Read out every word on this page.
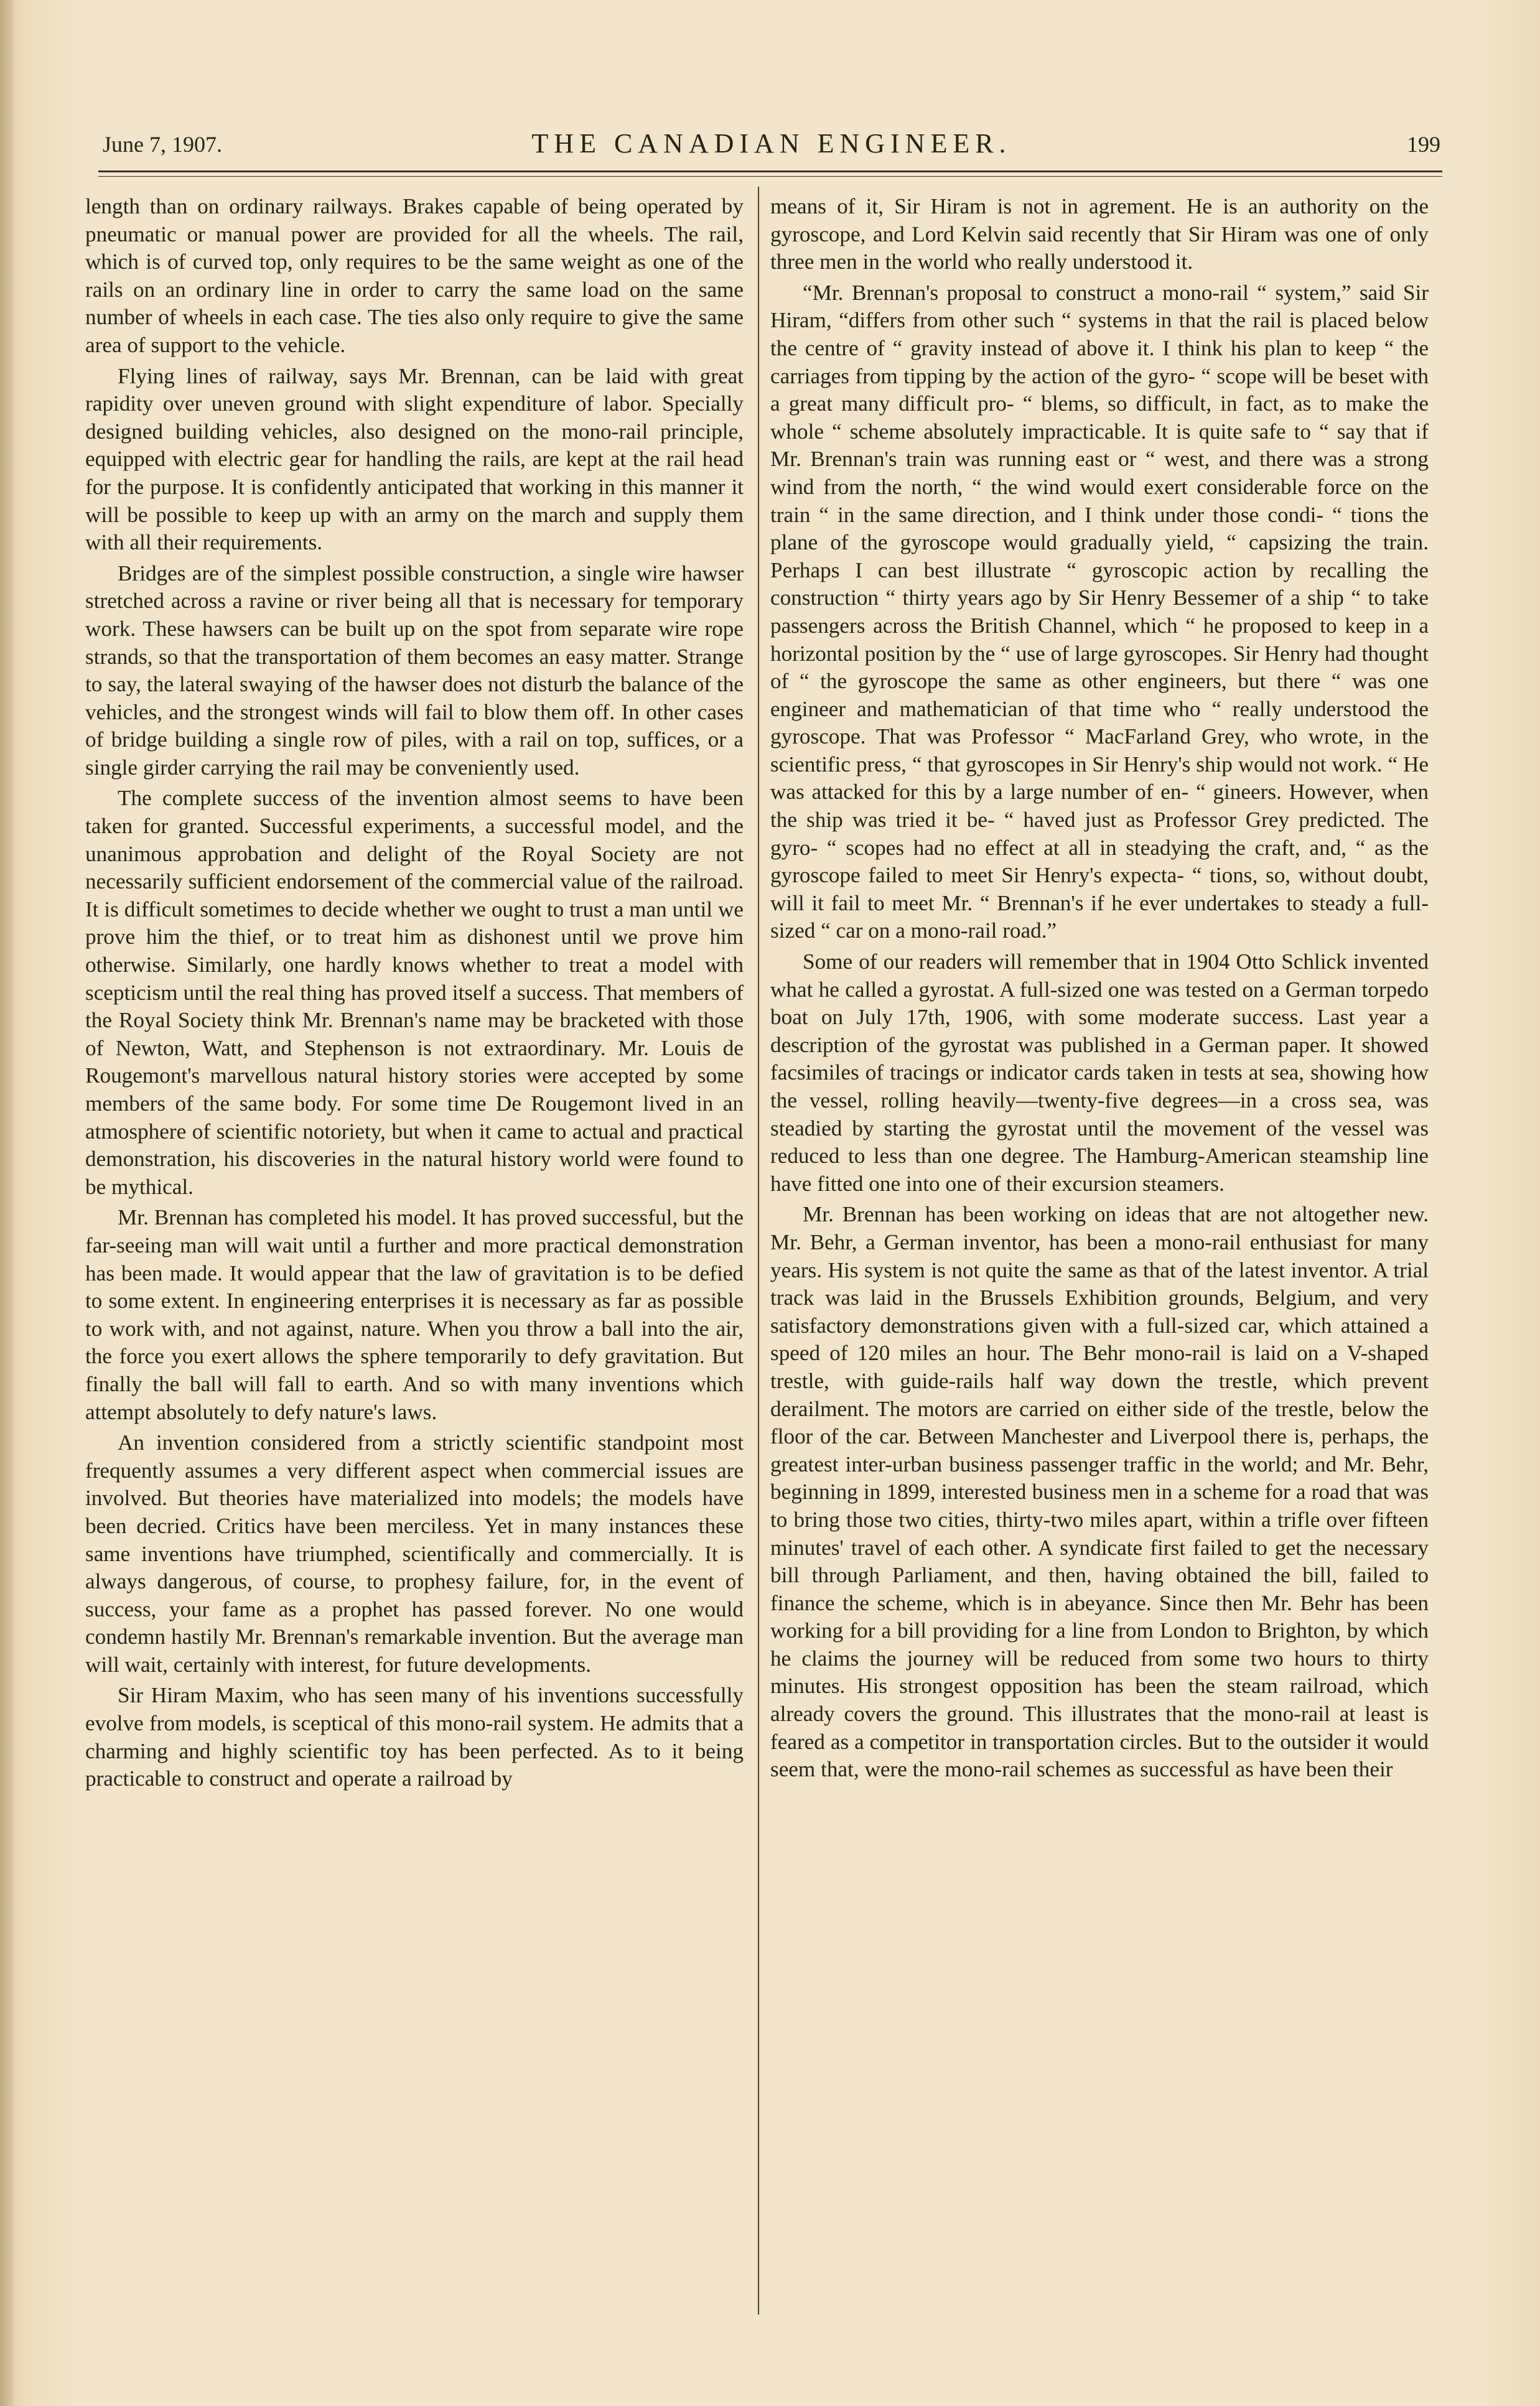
June 7, 1907.	THE CANADIAN ENGINEER.	199

length than on ordinary railways. Brakes capable of being operated by pneumatic or manual power are provided for all the wheels. The rail, which is of curved top, only requires to be the same weight as one of the rails on an ordinary line in order to carry the same load on the same number of wheels in each case. The ties also only require to give the same area of support to the vehicle.

Flying lines of railway, says Mr. Brennan, can be laid with great rapidity over uneven ground with slight expenditure of labor. Specially designed building vehicles, also designed on the mono-rail principle, equipped with electric gear for handling the rails, are kept at the rail head for the purpose. It is confidently anticipated that working in this manner it will be possible to keep up with an army on the march and supply them with all their requirements.

Bridges are of the simplest possible construction, a single wire hawser stretched across a ravine or river being all that is necessary for temporary work. These hawsers can be built up on the spot from separate wire rope strands, so that the transportation of them becomes an easy matter. Strange to say, the lateral swaying of the hawser does not disturb the balance of the vehicles, and the strongest winds will fail to blow them off. In other cases of bridge building a single row of piles, with a rail on top, suffices, or a single girder carrying the rail may be conveniently used.

The complete success of the invention almost seems to have been taken for granted. Successful experiments, a successful model, and the unanimous approbation and delight of the Royal Society are not necessarily sufficient endorsement of the commercial value of the railroad. It is difficult sometimes to decide whether we ought to trust a man until we prove him the thief, or to treat him as dishonest until we prove him otherwise. Similarly, one hardly knows whether to treat a model with scepticism until the real thing has proved itself a success. That members of the Royal Society think Mr. Brennan's name may be bracketed with those of Newton, Watt, and Stephenson is not extraordinary. Mr. Louis de Rougemont's marvellous natural history stories were accepted by some members of the same body. For some time De Rougemont lived in an atmosphere of scientific notoriety, but when it came to actual and practical demonstration, his discoveries in the natural history world were found to be mythical.

Mr. Brennan has completed his model. It has proved successful, but the far-seeing man will wait until a further and more practical demonstration has been made. It would appear that the law of gravitation is to be defied to some extent. In engineering enterprises it is necessary as far as possible to work with, and not against, nature. When you throw a ball into the air, the force you exert allows the sphere temporarily to defy gravitation. But finally the ball will fall to earth. And so with many inventions which attempt absolutely to defy nature's laws.

An invention considered from a strictly scientific standpoint most frequently assumes a very different aspect when commercial issues are involved. But theories have materialized into models; the models have been decried. Critics have been merciless. Yet in many instances these same inventions have triumphed, scientifically and commercially. It is always dangerous, of course, to prophesy failure, for, in the event of success, your fame as a prophet has passed forever. No one would condemn hastily Mr. Brennan's remarkable invention. But the average man will wait, certainly with interest, for future developments.

Sir Hiram Maxim, who has seen many of his inventions successfully evolve from models, is sceptical of this mono-rail system. He admits that a charming and highly scientific toy has been perfected. As to it being practicable to construct and operate a railroad by

means of it, Sir Hiram is not in agrement. He is an authority on the gyroscope, and Lord Kelvin said recently that Sir Hiram was one of only three men in the world who really understood it.

“Mr. Brennan's proposal to construct a mono-rail “ system,” said Sir Hiram, “differs from other such “ systems in that the rail is placed below the centre of “ gravity instead of above it. I think his plan to keep “ the carriages from tipping by the action of the gyro- “ scope will be beset with a great many difficult pro- “ blems, so difficult, in fact, as to make the whole “ scheme absolutely impracticable. It is quite safe to “ say that if Mr. Brennan's train was running east or “ west, and there was a strong wind from the north, “ the wind would exert considerable force on the train “ in the same direction, and I think under those condi- “ tions the plane of the gyroscope would gradually yield, “ capsizing the train. Perhaps I can best illustrate “ gyroscopic action by recalling the construction “ thirty years ago by Sir Henry Bessemer of a ship “ to take passengers across the British Channel, which “ he proposed to keep in a horizontal position by the “ use of large gyroscopes. Sir Henry had thought of “ the gyroscope the same as other engineers, but there “ was one engineer and mathematician of that time who “ really understood the gyroscope. That was Professor “ MacFarland Grey, who wrote, in the scientific press, “ that gyroscopes in Sir Henry's ship would not work. “ He was attacked for this by a large number of en- “ gineers. However, when the ship was tried it be- “ haved just as Professor Grey predicted. The gyro- “ scopes had no effect at all in steadying the craft, and, “ as the gyroscope failed to meet Sir Henry's expecta- “ tions, so, without doubt, will it fail to meet Mr. “ Brennan's if he ever undertakes to steady a full-sized “ car on a mono-rail road.”

Some of our readers will remember that in 1904 Otto Schlick invented what he called a gyrostat. A full-sized one was tested on a German torpedo boat on July 17th, 1906, with some moderate success. Last year a description of the gyrostat was published in a German paper. It showed facsimiles of tracings or indicator cards taken in tests at sea, showing how the vessel, rolling heavily—twenty-five degrees—in a cross sea, was steadied by starting the gyrostat until the movement of the vessel was reduced to less than one degree. The Hamburg-American steamship line have fitted one into one of their excursion steamers.

Mr. Brennan has been working on ideas that are not altogether new. Mr. Behr, a German inventor, has been a mono-rail enthusiast for many years. His system is not quite the same as that of the latest inventor. A trial track was laid in the Brussels Exhibition grounds, Belgium, and very satisfactory demonstrations given with a full-sized car, which attained a speed of 120 miles an hour. The Behr mono-rail is laid on a V-shaped trestle, with guide-rails half way down the trestle, which prevent derailment. The motors are carried on either side of the trestle, below the floor of the car. Between Manchester and Liverpool there is, perhaps, the greatest inter-urban business passenger traffic in the world; and Mr. Behr, beginning in 1899, interested business men in a scheme for a road that was to bring those two cities, thirty-two miles apart, within a trifle over fifteen minutes' travel of each other. A syndicate first failed to get the necessary bill through Parliament, and then, having obtained the bill, failed to finance the scheme, which is in abeyance. Since then Mr. Behr has been working for a bill providing for a line from London to Brighton, by which he claims the journey will be reduced from some two hours to thirty minutes. His strongest opposition has been the steam railroad, which already covers the ground. This illustrates that the mono-rail at least is feared as a competitor in transportation circles. But to the outsider it would seem that, were the mono-rail schemes as successful as have been their
